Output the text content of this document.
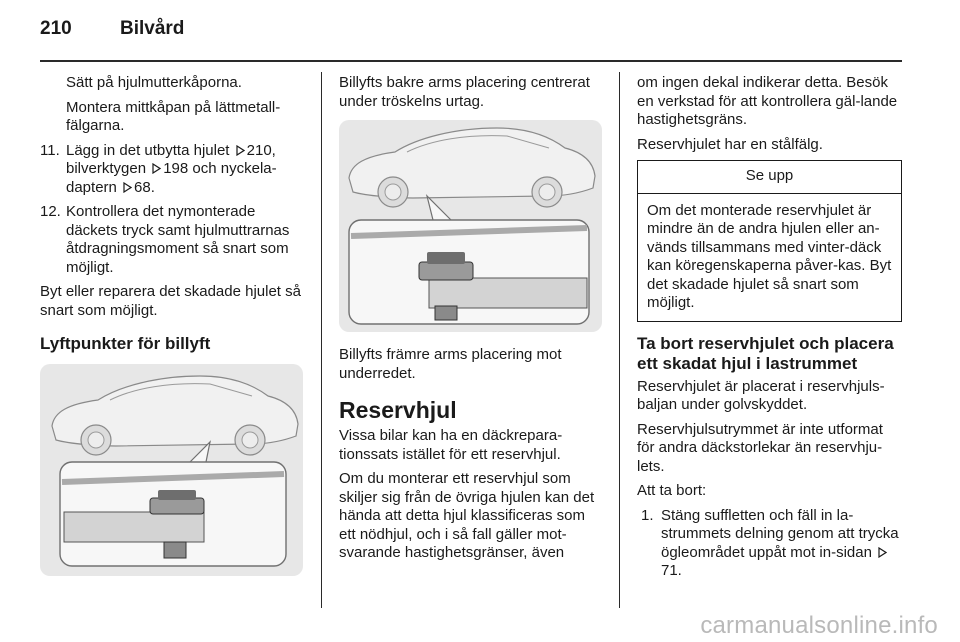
210	Bilvård

Sätt på hjulmutterkåporna.

Montera mittkåpan på lättmetall-fälgarna.

11. Lägg in det utbytta hjulet 210, bilverktygen 198 och nyckela- daptern 68.
12. Kontrollera det nymonterade däckets tryck samt hjulmuttrarnas åtdragningsmoment så snart som möjligt.

Byt eller reparera det skadade hjulet så snart som möjligt.

Lyftpunkter för billyft

Billyfts bakre arms placering centrerat under tröskelns urtag.

Billyfts främre arms placering mot underredet.

Reservhjul

Vissa bilar kan ha en däckrepara-tionssats istället för ett reservhjul.

Om du monterar ett reservhjul som skiljer sig från de övriga hjulen kan det hända att detta hjul klassificeras som ett nödhjul, och i så fall gäller mot-svarande hastighetsgränser, även

om ingen dekal indikerar detta. Besök en verkstad för att kontrollera gäl-lande hastighetsgräns.

Reservhjulet har en stålfälg.

Se upp
Om det monterade reservhjulet är mindre än de andra hjulen eller an-vänds tillsammans med vinter-däck kan köregenskaperna påver-kas. Byt det skadade hjulet så snart som möjligt.
Ta bort reservhjulet och placera ett skadat hjul i lastrummet

Reservhjulet är placerat i reservhjuls-baljan under golvskyddet.

Reservhjulsutrymmet är inte utformat för andra däckstorlekar än reservhju-lets.

Att ta bort:

1. Stäng suffletten och fäll in la-strummets delning genom att trycka ögleområdet uppåt mot in-sidan
71.
carmanualsonline.info
